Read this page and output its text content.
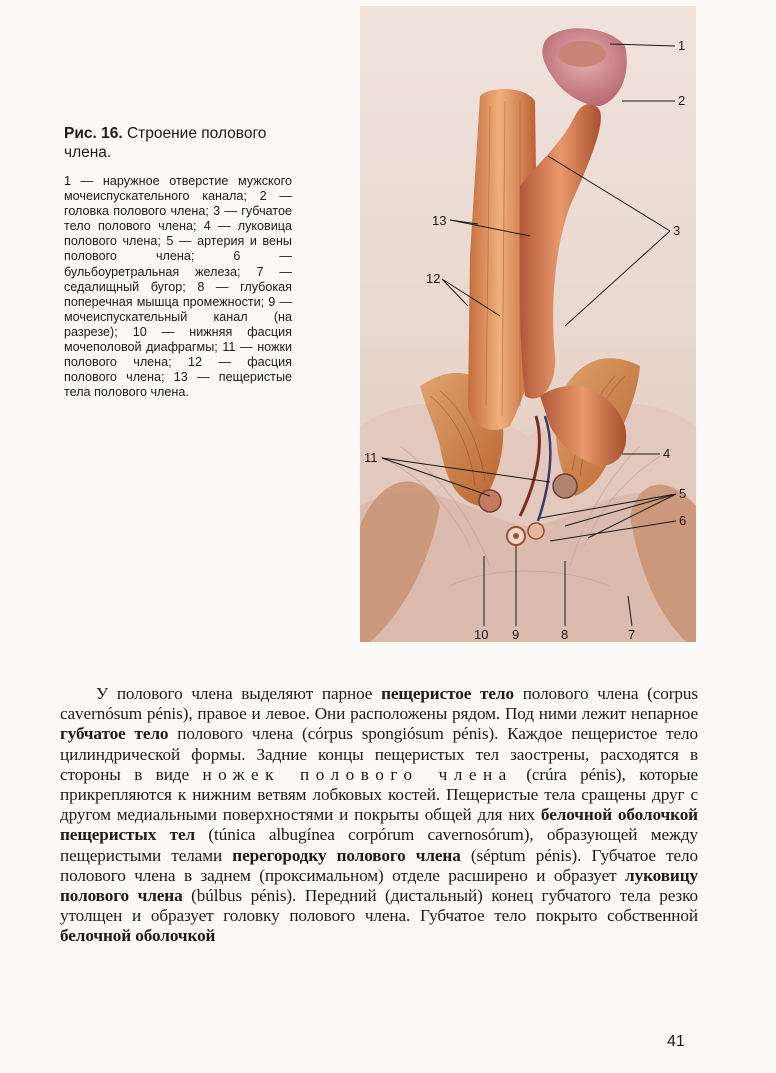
Рис. 16. Строение полового члена.

1 — наружное отверстие мужского мочеиспускательного канала; 2 — головка полового члена; 3 — губчатое тело полового члена; 4 — луковица полового члена; 5 — артерия и вены полового члена; 6 — бульбоуретральная железа; 7 — седалищный бугор; 8 — глубокая поперечная мышца промежности; 9 — мочеиспускательный канал (на разрезе); 10 — нижняя фасция мочеполовой диафрагмы; 11 — ножки полового члена; 12 — фасция полового члена; 13 — пещеристые тела полового члена.

1
2
3
4
5
6
7
8
9
10
11
12
13

У полового члена выделяют парное пещеристое тело полового члена (corpus cavernósum pénis), правое и левое. Они расположены рядом. Под ними лежит непарное губчатое тело полового члена (córpus spongiósum pénis). Каждое пещеристое тело цилиндрической формы. Задние концы пещеристых тел заострены, расходятся в стороны в виде ножек полового члена (crúra pénis), которые прикрепляются к нижним ветвям лобковых костей. Пещеристые тела сращены друг с другом медиальными поверхностями и покрыты общей для них белочной оболочкой пещеристых тел (túnica albugínea corpórum cavernosórum), образующей между пещеристыми телами перегородку полового члена (séptum pénis). Губчатое тело полового члена в заднем (проксимальном) отделе расширено и образует луковицу полового члена (búlbus pénis). Передний (дистальный) конец губчатого тела резко утолщен и образует головку полового члена. Губчатое тело покрыто собственной белочной оболочкой

41
